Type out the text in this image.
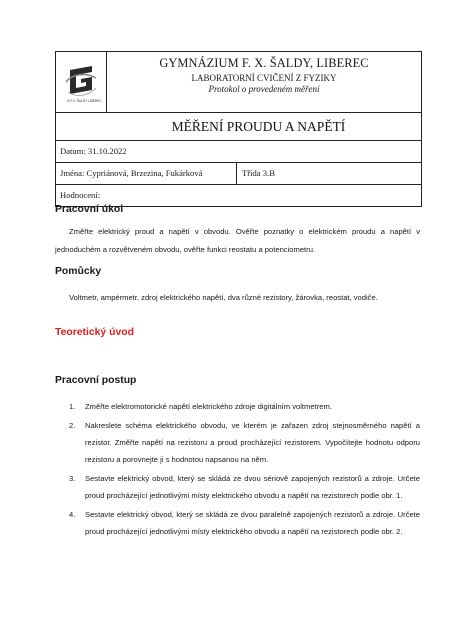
G F.X. ŠALDY LIBEREC
GYMNÁZIUM F. X. ŠALDY, LIBEREC
LABORATORNÍ CVIČENÍ Z FYZIKY
Protokol o provedeném měření
MĚŘENÍ PROUDU A NAPĚTÍ
Datum: 31.10.2022
Jména: Cypriánová, Brzezina, Fukárková	Třída 3.B
Hodnocení:
Pracovní úkol

Změřte elektrický proud a napětí v obvodu. Ověřte poznatky o elektrickém proudu a napětí v jednoduchém a rozvětveném obvodu, ověřte funkci reostatu a potenciometru.

Pomůcky

Voltmetr, ampérmetr, zdroj elektrického napětí, dva různé rezistory, žárovka, reostat, vodiče.

Teoretický úvod
Pracovní postup
1. Změřte elektromotorické napětí elektrického zdroje digitálním voltmetrem.
2. Nakreslete schéma elektrického obvodu, ve kterém je zařazen zdroj stejnosměrného napětí a rezistor. Změřte napětí na rezistoru a proud procházející rezistorem. Vypočítejte hodnotu odporu rezistoru a porovnejte ji s hodnotou napsanou na něm.
3. Sestavte elektrický obvod, který se skládá ze dvou sériově zapojených rezistorů a zdroje. Určete proud procházející jednotlivými místy elektrického obvodu a napětí na rezistorech podle obr. 1.
4. Sestavte elektrický obvod, který se skládá ze dvou paralelně zapojených rezistorů a zdroje. Určete proud procházející jednotlivými místy elektrického obvodu a napětí na rezistorech podle obr. 2.
